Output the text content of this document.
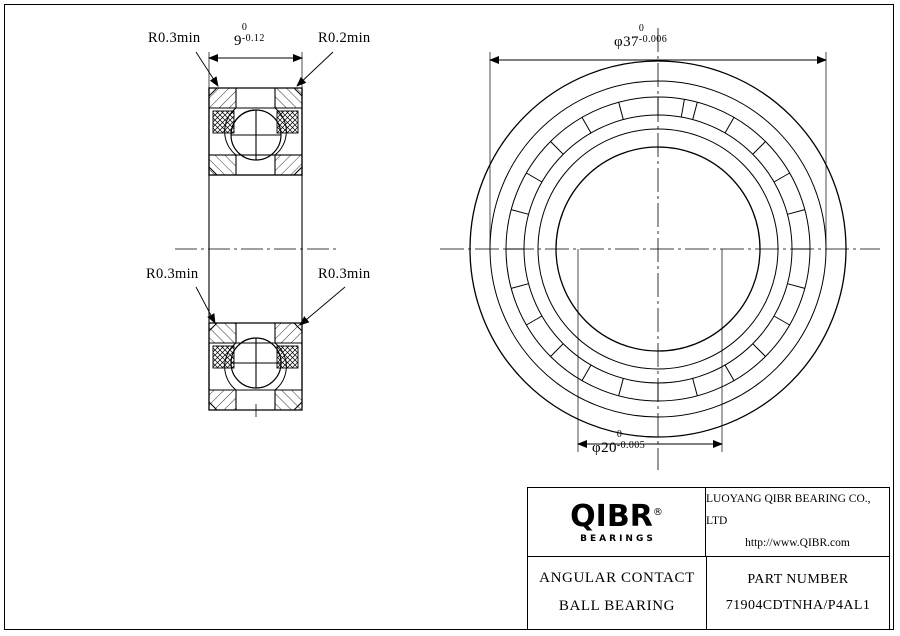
R0.3min	R0.2min
R0.3min	R0.3min
9
0
-0.12	φ37
0
-0.006
φ20
0
-0.005
QIBR®
BEARINGS
LUOYANG QIBR BEARING CO., LTD
http://www.QIBR.com
ANGULAR CONTACT
BALL BEARING
PART NUMBER
71904CDTNHA/P4AL1
